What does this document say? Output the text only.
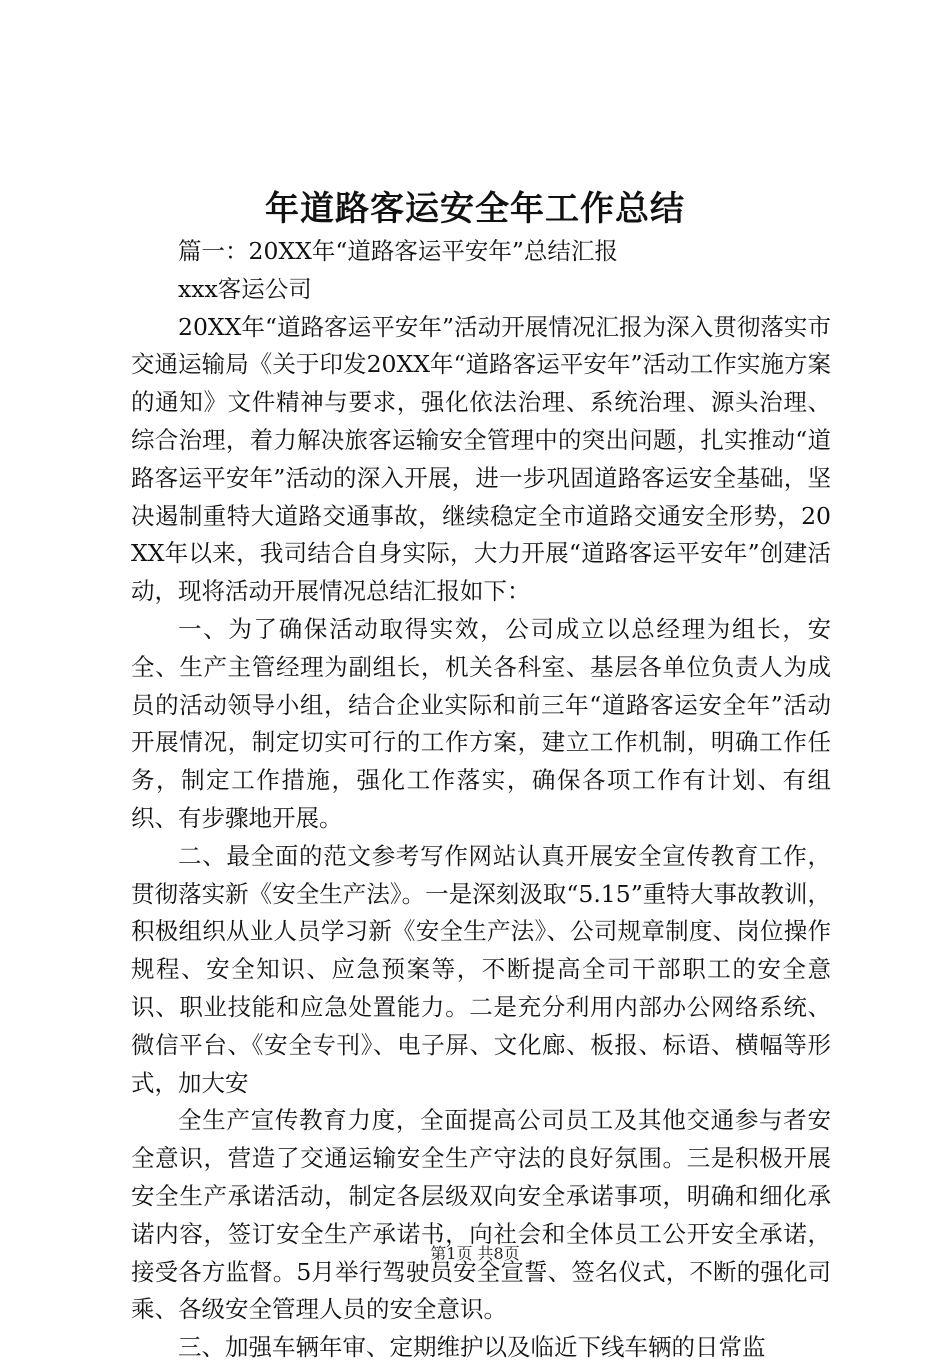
年道路客运安全年工作总结

篇一：20XX年“道路客运平安年”总结汇报

xxx客运公司

20XX年“道路客运平安年”活动开展情况汇报为深入贯彻落实市交通运输局《关于印发20XX年“道路客运平安年”活动工作实施方案的通知》文件精神与要求，强化依法治理、系统治理、源头治理、综合治理，着力解决旅客运输安全管理中的突出问题，扎实推动“道路客运平安年”活动的深入开展，进一步巩固道路客运安全基础，坚决遏制重特大道路交通事故，继续稳定全市道路交通安全形势，20XX年以来，我司结合自身实际，大力开展“道路客运平安年”创建活动，现将活动开展情况总结汇报如下：

一、为了确保活动取得实效，公司成立以总经理为组长，安全、生产主管经理为副组长，机关各科室、基层各单位负责人为成员的活动领导小组，结合企业实际和前三年“道路客运安全年”活动开展情况，制定切实可行的工作方案，建立工作机制，明确工作任务，制定工作措施，强化工作落实，确保各项工作有计划、有组织、有步骤地开展。

二、最全面的范文参考写作网站认真开展安全宣传教育工作，贯彻落实新《安全生产法》。一是深刻汲取“5.15”重特大事故教训，积极组织从业人员学习新《安全生产法》、公司规章制度、岗位操作规程、安全知识、应急预案等，不断提高全司干部职工的安全意识、职业技能和应急处置能力。二是充分利用内部办公网络系统、微信平台、《安全专刊》、电子屏、文化廊、板报、标语、横幅等形式，加大安

全生产宣传教育力度，全面提高公司员工及其他交通参与者安全意识，营造了交通运输安全生产守法的良好氛围。三是积极开展安全生产承诺活动，制定各层级双向安全承诺事项，明确和细化承诺内容，签订安全生产承诺书，向社会和全体员工公开安全承诺，接受各方监督。5月举行驾驶员安全宣誓、签名仪式，不断的强化司乘、各级安全管理人员的安全意识。

三、加强车辆年审、定期维护以及临近下线车辆的日常监

第1页 共8页
